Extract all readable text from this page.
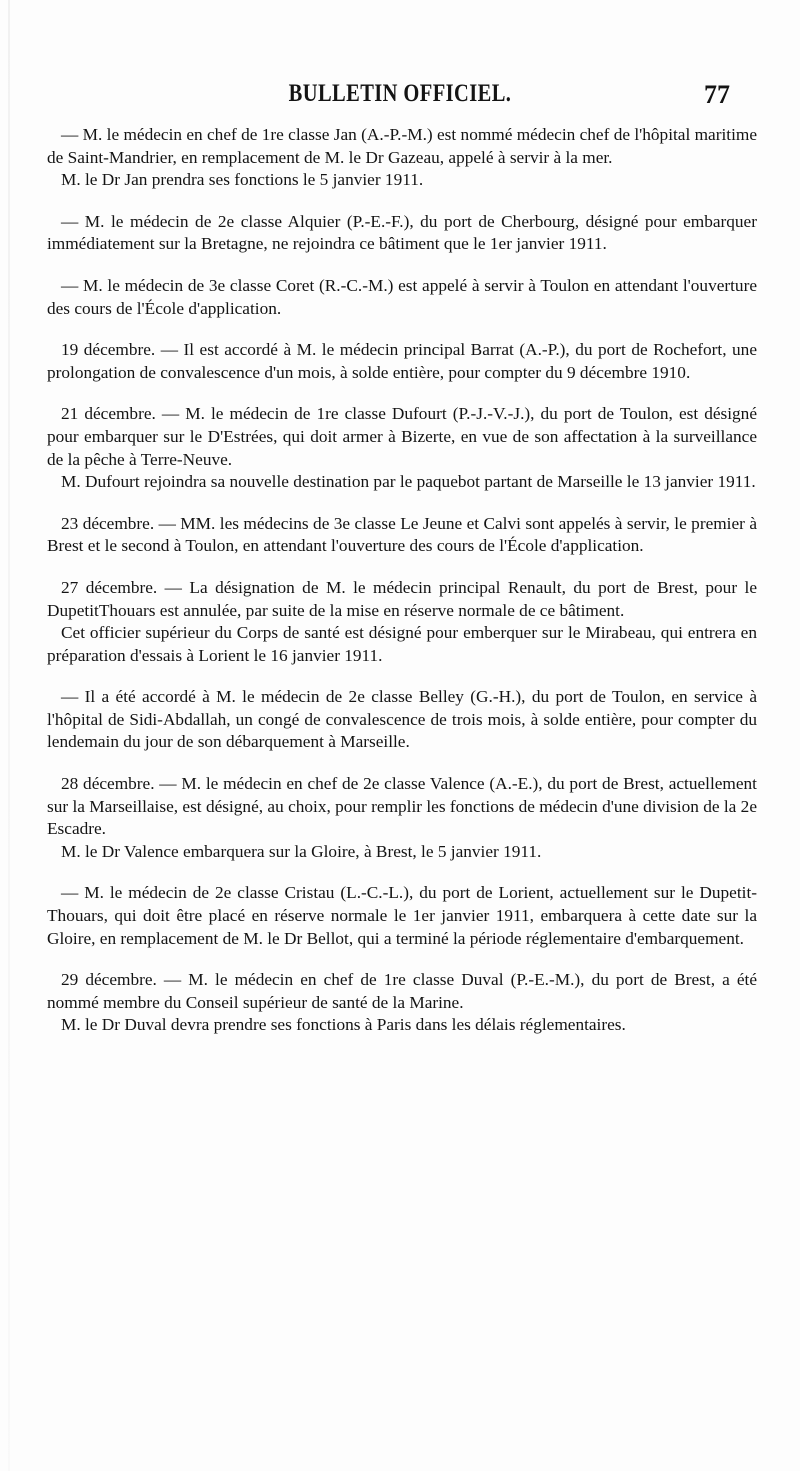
BULLETIN OFFICIEL.	77

— M. le médecin en chef de 1re classe Jan (A.-P.-M.) est nommé médecin chef de l'hôpital maritime de Saint-Mandrier, en remplacement de M. le Dr Gazeau, appelé à servir à la mer.

M. le Dr Jan prendra ses fonctions le 5 janvier 1911.

— M. le médecin de 2e classe Alquier (P.-E.-F.), du port de Cherbourg, désigné pour embarquer immédiatement sur la Bretagne, ne rejoindra ce bâtiment que le 1er janvier 1911.

— M. le médecin de 3e classe Coret (R.-C.-M.) est appelé à servir à Toulon en attendant l'ouverture des cours de l'École d'application.

19 décembre. — Il est accordé à M. le médecin principal Barrat (A.-P.), du port de Rochefort, une prolongation de convalescence d'un mois, à solde entière, pour compter du 9 décembre 1910.

21 décembre. — M. le médecin de 1re classe Dufourt (P.-J.-V.-J.), du port de Toulon, est désigné pour embarquer sur le D'Estrées, qui doit armer à Bizerte, en vue de son affectation à la surveillance de la pêche à Terre-Neuve.

M. Dufourt rejoindra sa nouvelle destination par le paquebot partant de Marseille le 13 janvier 1911.

23 décembre. — MM. les médecins de 3e classe Le Jeune et Calvi sont appelés à servir, le premier à Brest et le second à Toulon, en attendant l'ouverture des cours de l'École d'application.

27 décembre. — La désignation de M. le médecin principal Renault, du port de Brest, pour le DupetitThouars est annulée, par suite de la mise en réserve normale de ce bâtiment.

Cet officier supérieur du Corps de santé est désigné pour emberquer sur le Mirabeau, qui entrera en préparation d'essais à Lorient le 16 janvier 1911.

— Il a été accordé à M. le médecin de 2e classe Belley (G.-H.), du port de Toulon, en service à l'hôpital de Sidi-Abdallah, un congé de convalescence de trois mois, à solde entière, pour compter du lendemain du jour de son débarquement à Marseille.

28 décembre. — M. le médecin en chef de 2e classe Valence (A.-E.), du port de Brest, actuellement sur la Marseillaise, est désigné, au choix, pour remplir les fonctions de médecin d'une division de la 2e Escadre.

M. le Dr Valence embarquera sur la Gloire, à Brest, le 5 janvier 1911.

— M. le médecin de 2e classe Cristau (L.-C.-L.), du port de Lorient, actuellement sur le Dupetit-Thouars, qui doit être placé en réserve normale le 1er janvier 1911, embarquera à cette date sur la Gloire, en remplacement de M. le Dr Bellot, qui a terminé la période réglementaire d'embarquement.

29 décembre. — M. le médecin en chef de 1re classe Duval (P.-E.-M.), du port de Brest, a été nommé membre du Conseil supérieur de santé de la Marine.

M. le Dr Duval devra prendre ses fonctions à Paris dans les délais réglementaires.
